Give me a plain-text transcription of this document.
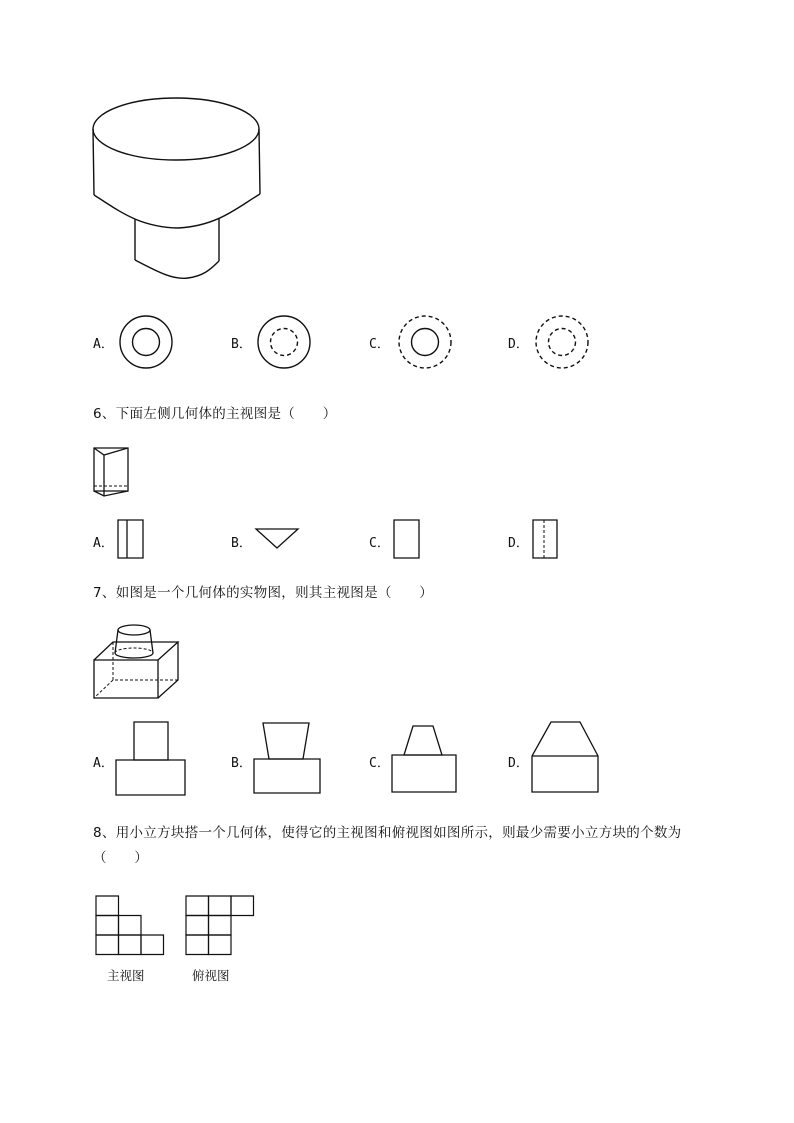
A．	B．	C．	D．
6、下面左侧几何体的主视图是（　　）
A．	B．	C．	D．
7、如图是一个几何体的实物图，则其主视图是（　　）
A．	B．	C．	D．
8、用小立方块搭一个几何体，使得它的主视图和俯视图如图所示，则最少需要小立方块的个数为
（　　）
主视图	俯视图
